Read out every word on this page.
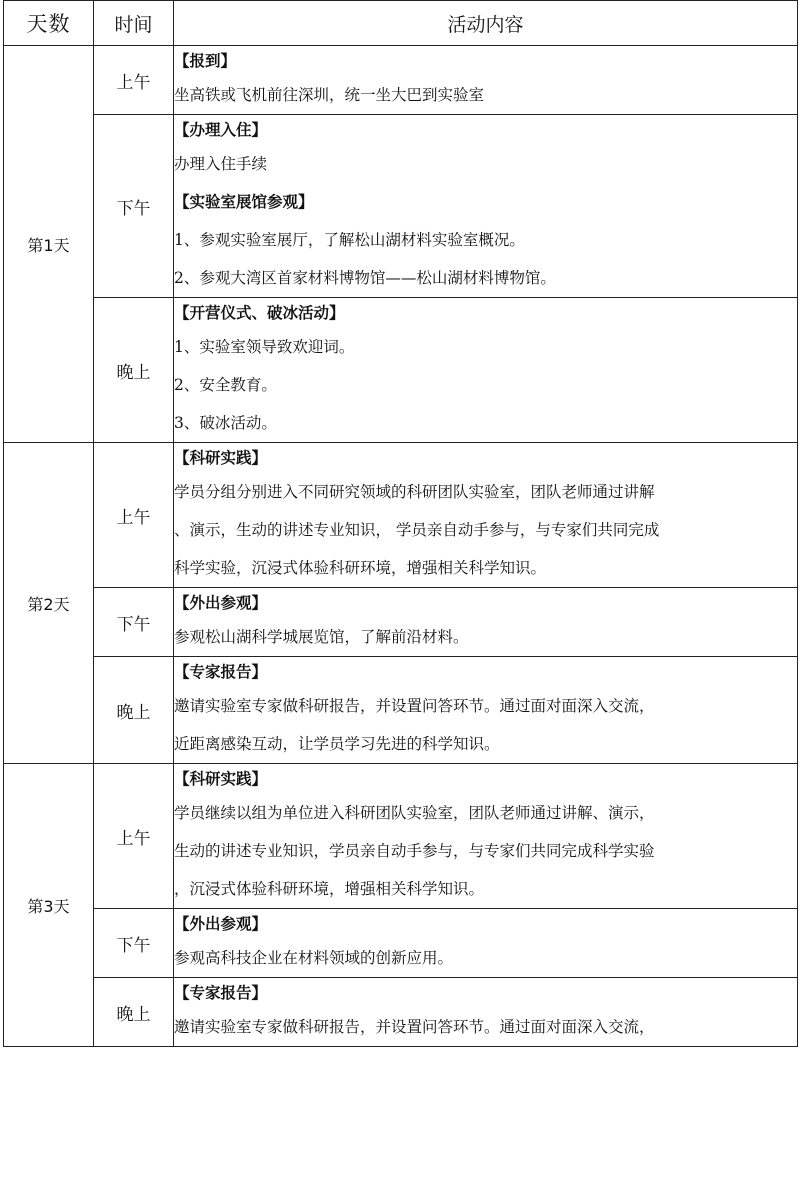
天数	时间	活动内容
第1天	上午	【报到】
坐高铁或飞机前往深圳，统一坐大巴到实验室

	下午	【办理入住】
办理入住手续
【实验室展馆参观】
1、参观实验室展厅，了解松山湖材料实验室概况。
2、参观大湾区首家材料博物馆——松山湖材料博物馆。

	晚上	【开营仪式、破冰活动】
1、实验室领导致欢迎词。
2、安全教育。
3、破冰活动。

第2天	上午	【科研实践】
学员分组分别进入不同研究领域的科研团队实验室，团队老师通过讲解
、演示，生动的讲述专业知识， 学员亲自动手参与，与专家们共同完成
科学实验，沉浸式体验科研环境，增强相关科学知识。

	下午	【外出参观】
参观松山湖科学城展览馆，了解前沿材料。

	晚上	【专家报告】
邀请实验室专家做科研报告，并设置问答环节。通过面对面深入交流，
近距离感染互动，让学员学习先进的科学知识。

第3天	上午	【科研实践】
学员继续以组为单位进入科研团队实验室，团队老师通过讲解、演示，
生动的讲述专业知识，学员亲自动手参与，与专家们共同完成科学实验
，沉浸式体验科研环境，增强相关科学知识。

	下午	【外出参观】
参观高科技企业在材料领域的创新应用。

	晚上	【专家报告】
邀请实验室专家做科研报告，并设置问答环节。通过面对面深入交流，
